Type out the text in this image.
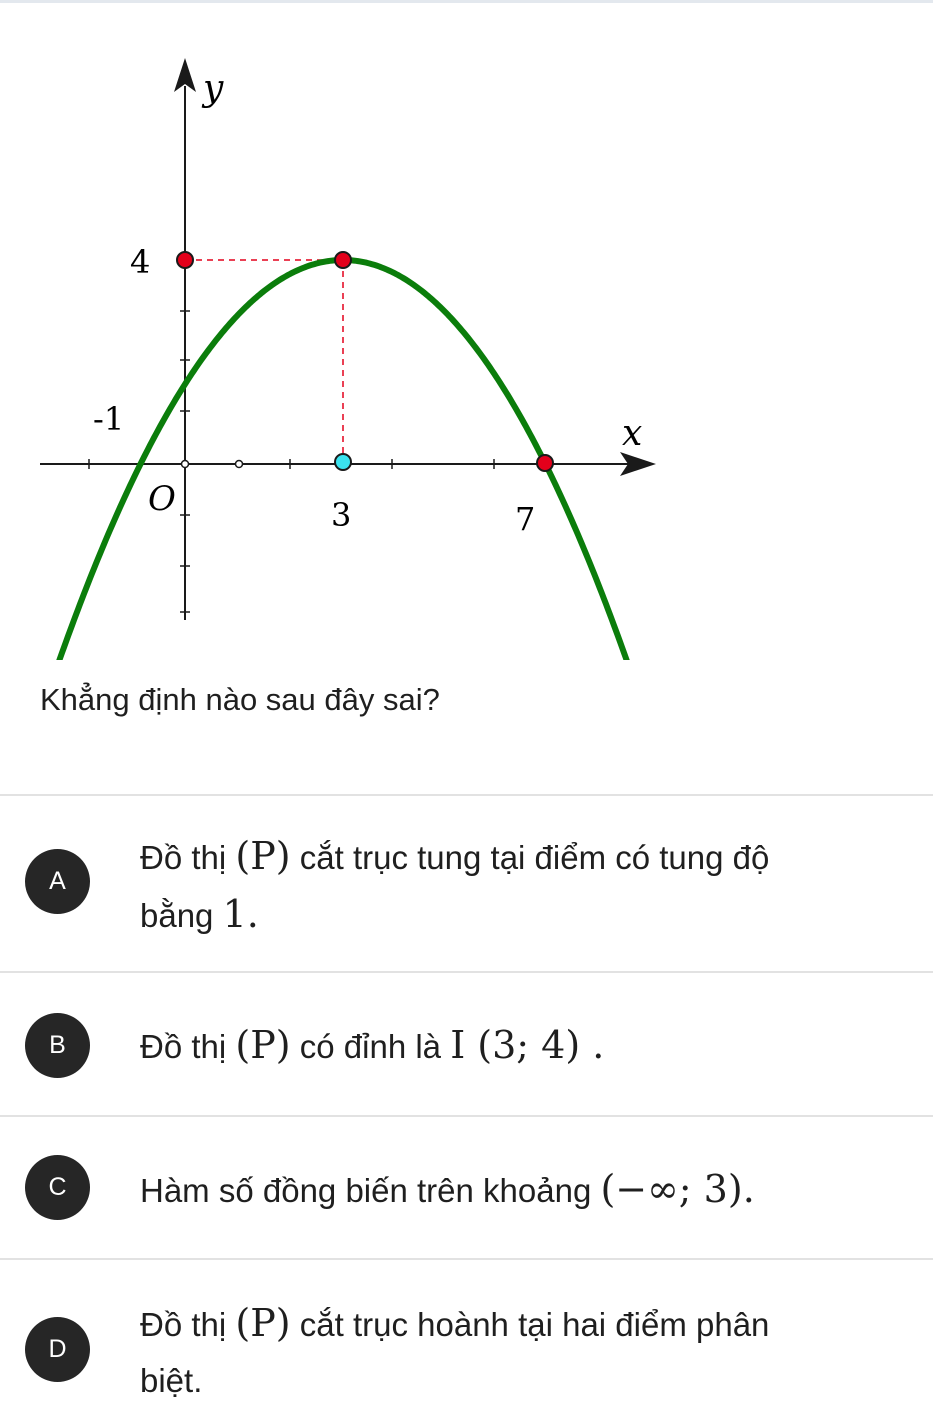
y
x
O
4
-1
3	7
Khẳng định nào sau đây sai?
A
Đồ thị (P) cắt trục tung tại điểm có tung độ
bằng 1.
B	Đồ thị (P) có đỉnh là I (3; 4) .
C	Hàm số đồng biến trên khoảng (−∞; 3).
D
Đồ thị (P) cắt trục hoành tại hai điểm phân
biệt.
